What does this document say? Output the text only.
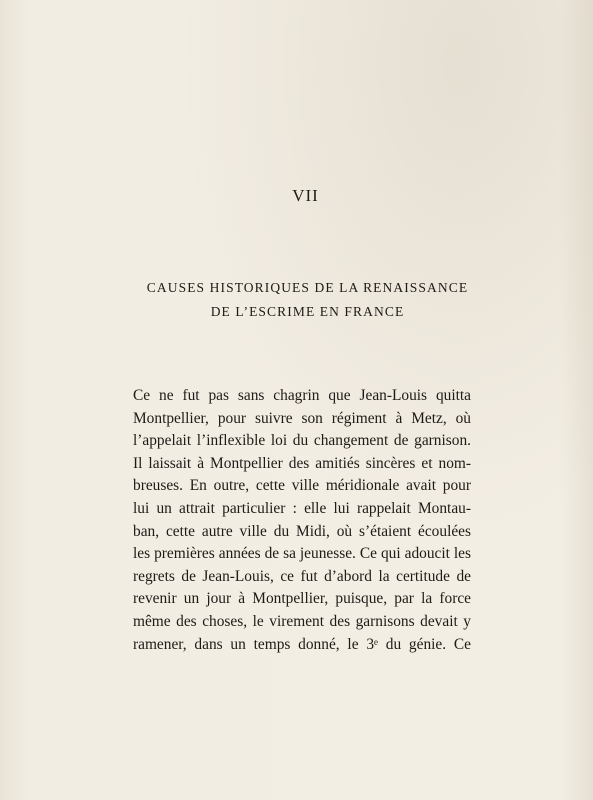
VII
CAUSES HISTORIQUES DE LA RENAISSANCE
DE L’ESCRIME EN FRANCE
Ce ne fut pas sans chagrin que Jean-Louis quitta
Montpellier, pour suivre son régiment à Metz, où
l’appelait l’inflexible loi du changement de garnison.
Il laissait à Montpellier des amitiés sincères et nom-
breuses. En outre, cette ville méridionale avait pour
lui un attrait particulier : elle lui rappelait Montau-
ban, cette autre ville du Midi, où s’étaient écoulées
les premières années de sa jeunesse. Ce qui adoucit les
regrets de Jean-Louis, ce fut d’abord la certitude de
revenir un jour à Montpellier, puisque, par la force
même des choses, le virement des garnisons devait y
ramener, dans un temps donné, le 3ᵉ du génie. Ce
